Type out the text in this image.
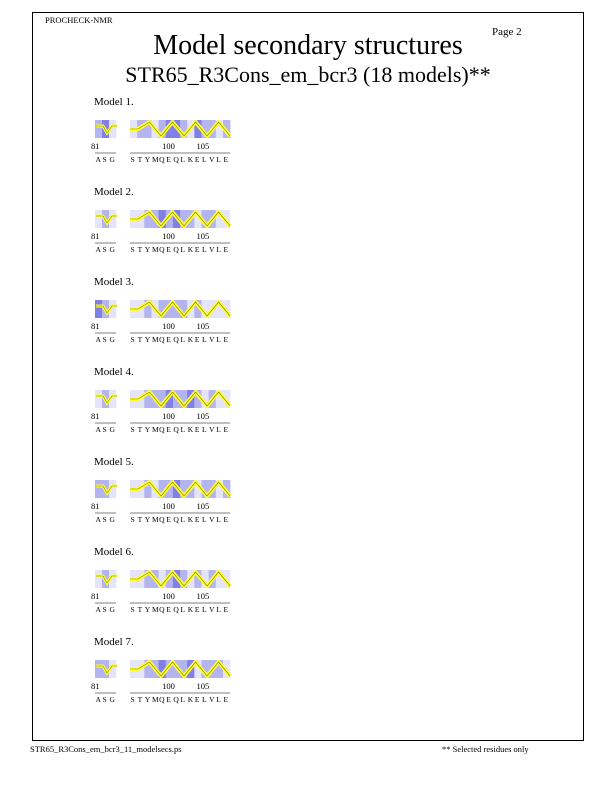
PROCHECK-NMR
Page 2
Model secondary structures
STR65_R3Cons_em_bcr3 (18 models)**
Model 1.
81	100	105
A S G S T Y M Q E Q L K E L V L E
Model 2.
81	100	105
A S G S T Y M Q E Q L K E L V L E
Model 3.
81	100	105
A S G S T Y M Q E Q L K E L V L E
Model 4.
81	100	105
A S G S T Y M Q E Q L K E L V L E
Model 5.
81	100	105
A S G S T Y M Q E Q L K E L V L E
Model 6.
81	100	105
A S G S T Y M Q E Q L K E L V L E
Model 7.
81	100	105
A S G S T Y M Q E Q L K E L V L E
STR65_R3Cons_em_bcr3_11_modelsecs.ps	** Selected residues only
